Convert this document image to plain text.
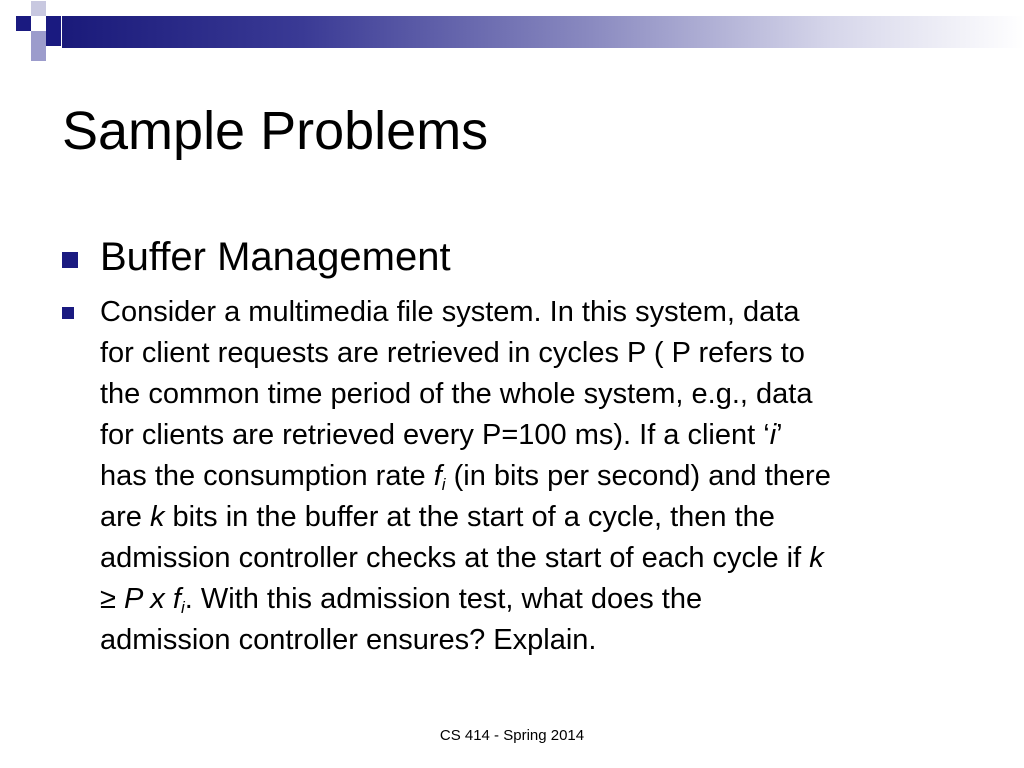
Sample Problems
Buffer Management
Consider a multimedia file system. In this system, data
for client requests are retrieved in cycles P ( P refers to
the common time period of the whole system, e.g., data
for clients are retrieved every P=100 ms). If a client ‘i’
has the consumption rate $f_i$ (in bits per second) and there
are k bits in the buffer at the start of a cycle, then the
admission controller checks at the start of each cycle if k
≥ P x $f_i$. With this admission test, what does the
admission controller ensures? Explain.
CS 414 - Spring 2014
